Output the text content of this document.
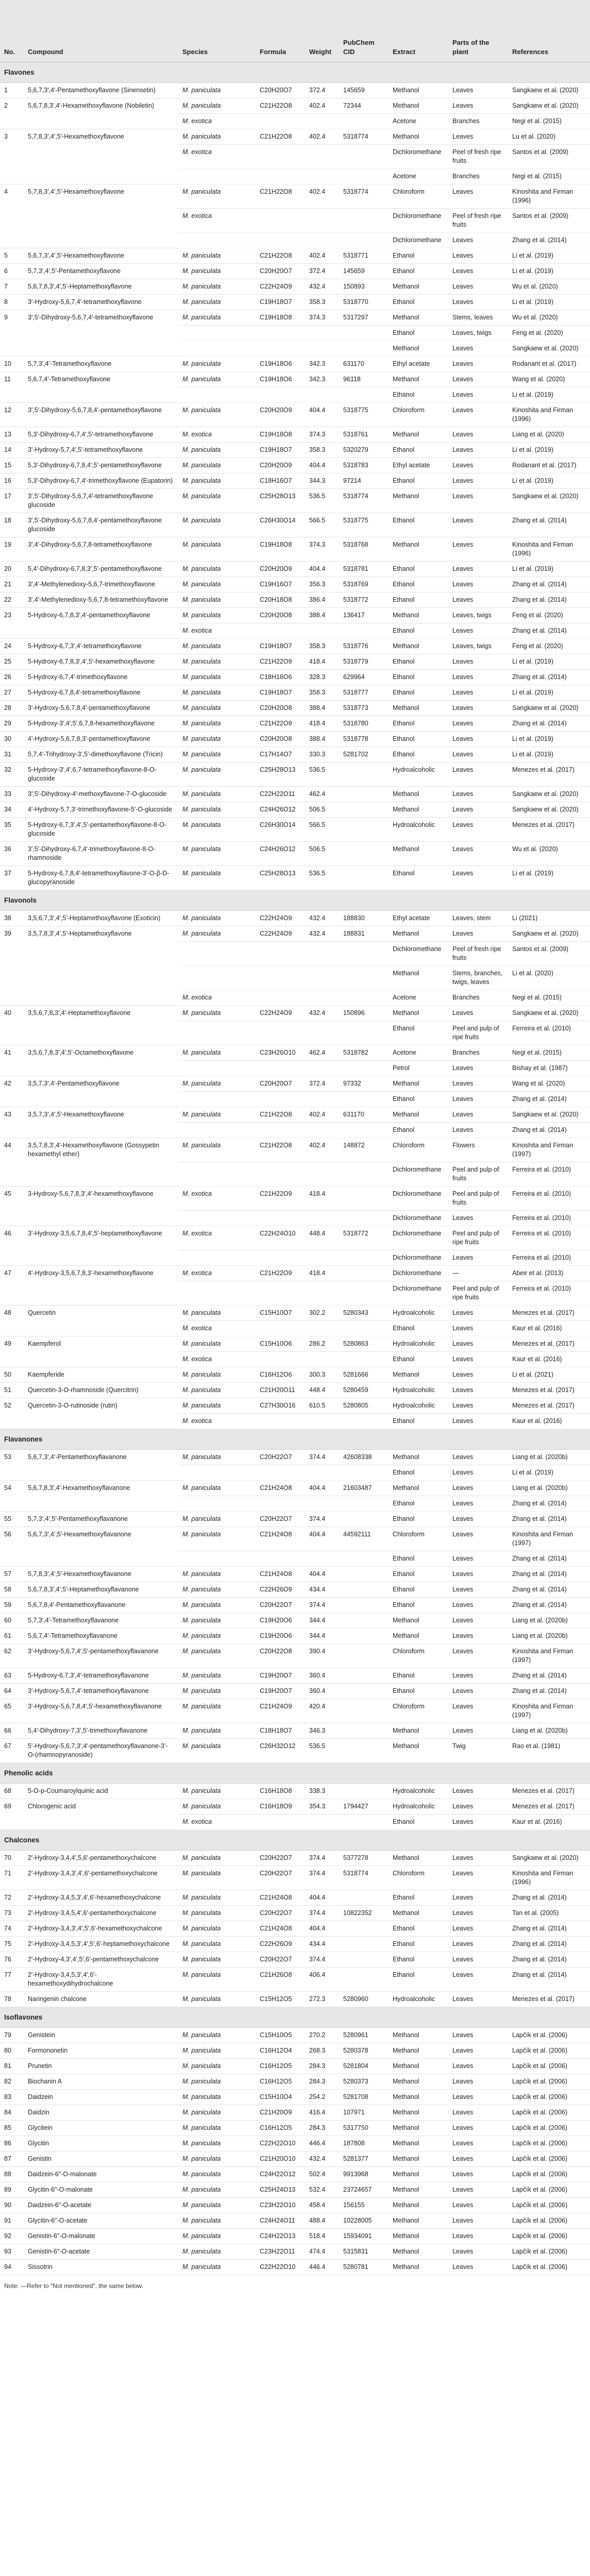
No.	Compound	Species	Formula	Weight	PubChem CID	Extract	Parts of the plant	References
Flavones								
1	5,6,7,3′,4′-Pentamethoxyflavone (Sinensetin)	M. paniculata	C20H20O7	372.4	145659	Methanol	Leaves	Sangkaew et al. (2020)
2	5,6,7,8,3′,4′-Hexamethoxyflavone (Nobiletin)	M. paniculata	C21H22O8	402.4	72344	Methanol	Leaves	Sangkaew et al. (2020)
		M. exotica				Acetone	Branches	Negi et al. (2015)
3	5,7,8,3′,4′,5′-Hexamethoxyflavone	M. paniculata	C21H22O8	402.4	5318774	Methanol	Leaves	Lu et al. (2020)
		M. exotica				Dichloromethane	Peel of fresh ripe fruits	Santos et al. (2009)
						Acetone	Branches	Negi et al. (2015)
4	5,7,8,3′,4′,5′-Hexamethoxyflavone	M. paniculata	C21H22O8	402.4	5318774	Chloroform	Leaves	Kinoshita and Firman (1996)
		M. exotica				Dichloromethane	Peel of fresh ripe fruits	Santos et al. (2009)
						Dichloromethane	Leaves	Zhang et al. (2014)
5	5,6,7,3′,4′,5′-Hexamethoxyflavone	M. paniculata	C21H22O8	402.4	5318771	Ethanol	Leaves	Li et al. (2019)
6	5,7,3′,4′,5′-Pentamethoxyflavone	M. paniculata	C20H20O7	372.4	145659	Ethanol	Leaves	Li et al. (2019)
7	5,6,7,8,3′,4′,5′-Heptamethoxyflavone	M. paniculata	C22H24O9	432.4	150893	Methanol	Leaves	Wu et al. (2020)
8	3′-Hydroxy-5,6,7,4′-tetramethoxyflavone	M. paniculata	C19H18O7	358.3	5318770	Ethanol	Leaves	Li et al. (2019)
9	3′,5′-Dihydroxy-5,6,7,4′-tetramethoxyflavone	M. paniculata	C19H18O8	374.3	5317297	Methanol	Stems, leaves	Wu et al. (2020)
						Ethanol	Leaves, twigs	Feng et al. (2020)
						Methanol	Leaves	Sangkaew et al. (2020)
10	5,7,3′,4′-Tetramethoxyflavone	M. paniculata	C19H18O6	342.3	631170	Ethyl acetate	Leaves	Rodanant et al. (2017)
11	5,6,7,4′-Tetramethoxyflavone	M. paniculata	C19H18O6	342.3	96118	Methanol	Leaves	Wang et al. (2020)
						Ethanol	Leaves	Li et al. (2019)
12	3′,5′-Dihydroxy-5,6,7,8,4′-pentamethoxyflavone	M. paniculata	C20H20O9	404.4	5318775	Chloroform	Leaves	Kinoshita and Firman (1996)
13	5,3′-Dihydroxy-6,7,4′,5′-tetramethoxyflavone	M. exotica	C19H18O8	374.3	5318761	Methanol	Leaves	Liang et al. (2020)
14	3′-Hydroxy-5,7,4′,5′-tetramethoxyflavone	M. paniculata	C19H18O7	358.3	5320279	Ethanol	Leaves	Li et al. (2019)
15	5,3′-Dihydroxy-6,7,8,4′,5′-pentamethoxyflavone	M. paniculata	C20H20O9	404.4	5318783	Ethyl acetate	Leaves	Rodanant et al. (2017)
16	5,3′-Dihydroxy-6,7,4′-trimethoxyflavone (Eupatorin)	M. paniculata	C18H16O7	344.3	97214	Ethanol	Leaves	Li et al. (2019)
17	3′,5′-Dihydroxy-5,6,7,4′-tetramethoxyflavone glucoside	M. paniculata	C25H28O13	536.5	5318774	Methanol	Leaves	Sangkaew et al. (2020)
18	3′,5′-Dihydroxy-5,6,7,8,4′-pentamethoxyflavone glucoside	M. paniculata	C26H30O14	566.5	5318775	Ethanol	Leaves	Zhang et al. (2014)
19	3′,4′-Dihydroxy-5,6,7,8-tetramethoxyflavone	M. paniculata	C19H18O8	374.3	5318768	Methanol	Leaves	Kinoshita and Firman (1996)
20	5,4′-Dihydroxy-6,7,8,3′,5′-pentamethoxyflavone	M. paniculata	C20H20O9	404.4	5318781	Ethanol	Leaves	Li et al. (2019)
21	3′,4′-Methylenedioxy-5,6,7-trimethoxyflavone	M. paniculata	C19H16O7	356.3	5318769	Ethanol	Leaves	Zhang et al. (2014)
22	3′,4′-Methylenedioxy-5,6,7,8-tetramethoxyflavone	M. paniculata	C20H18O8	386.4	5318772	Ethanol	Leaves	Zhang et al. (2014)
23	5-Hydroxy-6,7,8,3′,4′-pentamethoxyflavone	M. paniculata	C20H20O8	388.4	136417	Methanol	Leaves, twigs	Feng et al. (2020)
		M. exotica				Ethanol	Leaves	Zhang et al. (2014)
24	5-Hydroxy-6,7,3′,4′-tetramethoxyflavone	M. paniculata	C19H18O7	358.3	5318776	Methanol	Leaves, twigs	Feng et al. (2020)
25	5-Hydroxy-6,7,8,3′,4′,5′-hexamethoxyflavone	M. paniculata	C21H22O9	418.4	5318779	Ethanol	Leaves	Li et al. (2019)
26	5-Hydroxy-6,7,4′-trimethoxyflavone	M. paniculata	C18H16O6	328.3	629964	Ethanol	Leaves	Zhang et al. (2014)
27	5-Hydroxy-6,7,8,4′-tetramethoxyflavone	M. paniculata	C19H18O7	358.3	5318777	Ethanol	Leaves	Li et al. (2019)
28	3′-Hydroxy-5,6,7,8,4′-pentamethoxyflavone	M. paniculata	C20H20O8	388.4	5318773	Methanol	Leaves	Sangkaew et al. (2020)
29	5-Hydroxy-3′,4′,5′,6,7,8-hexamethoxyflavone	M. paniculata	C21H22O9	418.4	5318780	Ethanol	Leaves	Zhang et al. (2014)
30	4′-Hydroxy-5,6,7,8,3′-pentamethoxyflavone	M. paniculata	C20H20O8	388.4	5318778	Ethanol	Leaves	Li et al. (2019)
31	5,7,4′-Trihydroxy-3′,5′-dimethoxyflavone (Tricin)	M. paniculata	C17H14O7	330.3	5281702	Ethanol	Leaves	Li et al. (2019)
32	5-Hydroxy-3′,4′,6,7-tetramethoxyflavone-8-O-glucoside	M. paniculata	C25H28O13	536.5		Hydroalcoholic	Leaves	Menezes et al. (2017)
33	3′,5′-Dihydroxy-4′-methoxyflavone-7-O-glucoside	M. paniculata	C22H22O11	462.4		Methanol	Leaves	Sangkaew et al. (2020)
34	4′-Hydroxy-5,7,3′-trimethoxyflavone-5′-O-glucoside	M. paniculata	C24H26O12	506.5		Methanol	Leaves	Sangkaew et al. (2020)
35	5-Hydroxy-6,7,3′,4′,5′-pentamethoxyflavone-8-O-glucoside	M. paniculata	C26H30O14	566.5		Hydroalcoholic	Leaves	Menezes et al. (2017)
36	3′,5′-Dihydroxy-6,7,4′-trimethoxyflavone-8-O-rhamnoside	M. paniculata	C24H26O12	506.5		Methanol	Leaves	Wu et al. (2020)
37	5-Hydroxy-6,7,8,4′-tetramethoxyflavone-3′-O-β-D-glucopyranoside	M. paniculata	C25H28O13	536.5		Ethanol	Leaves	Li et al. (2019)
Flavonols								
38	3,5,6,7,3′,4′,5′-Heptamethoxyflavone (Exoticin)	M. paniculata	C22H24O9	432.4	188830	Ethyl acetate	Leaves, stem	Li (2021)
39	3,5,7,8,3′,4′,5′-Heptamethoxyflavone	M. paniculata	C22H24O9	432.4	188831	Methanol	Leaves	Sangkaew et al. (2020)
						Dichloromethane	Peel of fresh ripe fruits	Santos et al. (2009)
						Methanol	Stems, branches, twigs, leaves	Li et al. (2020)
		M. exotica				Acetone	Branches	Negi et al. (2015)
40	3,5,6,7,8,3′,4′-Heptamethoxyflavone	M. paniculata	C22H24O9	432.4	150896	Methanol	Leaves	Sangkaew et al. (2020)
						Ethanol	Peel and pulp of ripe fruits	Ferreira et al. (2010)
41	3,5,6,7,8,3′,4′,5′-Octamethoxyflavone	M. paniculata	C23H26O10	462.4	5318782	Acetone	Branches	Negi et al. (2015)
						Petrol	Leaves	Bishay et al. (1987)
42	3,5,7,3′,4′-Pentamethoxyflavone	M. paniculata	C20H20O7	372.4	97332	Methanol	Leaves	Wang et al. (2020)
						Ethanol	Leaves	Zhang et al. (2014)
43	3,5,7,3′,4′,5′-Hexamethoxyflavone	M. paniculata	C21H22O8	402.4	631170	Methanol	Leaves	Sangkaew et al. (2020)
						Ethanol	Leaves	Zhang et al. (2014)
44	3,5,7,8,3′,4′-Hexamethoxyflavone (Gossypetin hexamethyl ether)	M. paniculata	C21H22O8	402.4	148872	Chloroform	Flowers	Kinoshita and Firman (1997)
						Dichloromethane	Peel and pulp of fruits	Ferreira et al. (2010)
45	3-Hydroxy-5,6,7,8,3′,4′-hexamethoxyflavone	M. exotica	C21H22O9	418.4		Dichloromethane	Peel and pulp of fruits	Ferreira et al. (2010)
						Dichloromethane	Leaves	Ferreira et al. (2010)
46	3′-Hydroxy-3,5,6,7,8,4′,5′-heptamethoxyflavone	M. exotica	C22H24O10	448.4	5318772	Dichloromethane	Peel and pulp of ripe fruits	Ferreira et al. (2010)
						Dichloromethane	Leaves	Ferreira et al. (2010)
47	4′-Hydroxy-3,5,6,7,8,3′-hexamethoxyflavone	M. exotica	C21H22O9	418.4		Dichloromethane	—	Abeir et al. (2013)
						Dichloromethane	Peel and pulp of ripe fruits	Ferreira et al. (2010)
48	Quercetin	M. paniculata	C15H10O7	302.2	5280343	Hydroalcoholic	Leaves	Menezes et al. (2017)
		M. exotica				Ethanol	Leaves	Kaur et al. (2016)
49	Kaempferol	M. paniculata	C15H10O6	286.2	5280863	Hydroalcoholic	Leaves	Menezes et al. (2017)
		M. exotica				Ethanol	Leaves	Kaur et al. (2016)
50	Kaempferide	M. paniculata	C16H12O6	300.3	5281666	Methanol	Leaves	Li et al. (2021)
51	Quercetin-3-O-rhamnoside (Quercitrin)	M. paniculata	C21H20O11	448.4	5280459	Hydroalcoholic	Leaves	Menezes et al. (2017)
52	Quercetin-3-O-rutinoside (rutin)	M. paniculata	C27H30O16	610.5	5280805	Hydroalcoholic	Leaves	Menezes et al. (2017)
		M. exotica				Ethanol	Leaves	Kaur et al. (2016)
Flavanones								
53	5,6,7,3′,4′-Pentamethoxyflavanone	M. paniculata	C20H22O7	374.4	42608338	Methanol	Leaves	Liang et al. (2020b)
						Ethanol	Leaves	Li et al. (2019)
54	5,6,7,8,3′,4′-Hexamethoxyflavanone	M. paniculata	C21H24O8	404.4	21603487	Methanol	Leaves	Liang et al. (2020b)
						Ethanol	Leaves	Zhang et al. (2014)
55	5,7,3′,4′,5′-Pentamethoxyflavanone	M. paniculata	C20H22O7	374.4		Ethanol	Leaves	Zhang et al. (2014)
56	5,6,7,3′,4′,5′-Hexamethoxyflavanone	M. paniculata	C21H24O8	404.4	44592111	Chloroform	Leaves	Kinoshita and Firman (1997)
						Ethanol	Leaves	Zhang et al. (2014)
57	5,7,8,3′,4′,5′-Hexamethoxyflavanone	M. paniculata	C21H24O8	404.4		Ethanol	Leaves	Zhang et al. (2014)
58	5,6,7,8,3′,4′,5′-Heptamethoxyflavanone	M. paniculata	C22H26O9	434.4		Ethanol	Leaves	Zhang et al. (2014)
59	5,6,7,8,4′-Pentamethoxyflavanone	M. paniculata	C20H22O7	374.4		Ethanol	Leaves	Zhang et al. (2014)
60	5,7,3′,4′-Tetramethoxyflavanone	M. paniculata	C19H20O6	344.4		Methanol	Leaves	Liang et al. (2020b)
61	5,6,7,4′-Tetramethoxyflavanone	M. paniculata	C19H20O6	344.4		Methanol	Leaves	Liang et al. (2020b)
62	3′-Hydroxy-5,6,7,4′,5′-pentamethoxyflavanone	M. paniculata	C20H22O8	390.4		Chloroform	Leaves	Kinoshita and Firman (1997)
63	5-Hydroxy-6,7,3′,4′-tetramethoxyflavanone	M. paniculata	C19H20O7	360.4		Ethanol	Leaves	Zhang et al. (2014)
64	3′-Hydroxy-5,6,7,4′-tetramethoxyflavanone	M. paniculata	C19H20O7	360.4		Ethanol	Leaves	Zhang et al. (2014)
65	3′-Hydroxy-5,6,7,8,4′,5′-hexamethoxyflavanone	M. paniculata	C21H24O9	420.4		Chloroform	Leaves	Kinoshita and Firman (1997)
66	5,4′-Dihydroxy-7,3′,5′-trimethoxyflavanone	M. paniculata	C18H18O7	346.3		Methanol	Leaves	Liang et al. (2020b)
67	5′-Hydroxy-5,6,7,3′,4′-pentamethoxyflavanone-3′-O-(rhamnopyranoside)	M. paniculata	C26H32O12	536.5		Methanol	Twig	Rao et al. (1981)
Phenolic acids								
68	5-O-p-Coumaroylquinic acid	M. paniculata	C16H18O8	338.3		Hydroalcoholic	Leaves	Menezes et al. (2017)
69	Chlorogenic acid	M. paniculata	C16H18O9	354.3	1794427	Hydroalcoholic	Leaves	Menezes et al. (2017)
		M. exotica				Ethanol	Leaves	Kaur et al. (2016)
Chalcones								
70	2′-Hydroxy-3,4,4′,5,6′-pentamethoxychalcone	M. paniculata	C20H22O7	374.4	5377278	Methanol	Leaves	Sangkaew et al. (2020)
71	2′-Hydroxy-3,4,3′,4′,6′-pentamethoxychalcone	M. paniculata	C20H22O7	374.4	5318774	Chloroform	Leaves	Kinoshita and Firman (1996)
72	2′-Hydroxy-3,4,5,3′,4′,6′-hexamethoxychalcone	M. paniculata	C21H24O8	404.4		Ethanol	Leaves	Zhang et al. (2014)
73	2′-Hydroxy-3,4,5,4′,6′-pentamethoxychalcone	M. paniculata	C20H22O7	374.4	10822352	Methanol	Leaves	Tan et al. (2005)
74	2′-Hydroxy-3,4,3′,4′,5′,6′-hexamethoxychalcone	M. paniculata	C21H24O8	404.4		Ethanol	Leaves	Zhang et al. (2014)
75	2′-Hydroxy-3,4,5,3′,4′,5′,6′-heptamethoxychalcone	M. paniculata	C22H26O9	434.4		Ethanol	Leaves	Zhang et al. (2014)
76	2′-Hydroxy-4,3′,4′,5′,6′-pentamethoxychalcone	M. paniculata	C20H22O7	374.4		Ethanol	Leaves	Zhang et al. (2014)
77	2′-Hydroxy-3,4,5,3′,4′,6′-hexamethoxydihydrochalcone	M. paniculata	C21H26O8	406.4		Ethanol	Leaves	Zhang et al. (2014)
78	Naringenin chalcone	M. paniculata	C15H12O5	272.3	5280960	Hydroalcoholic	Leaves	Menezes et al. (2017)
Isoflavones								
79	Genistein	M. paniculata	C15H10O5	270.2	5280961	Methanol	Leaves	Lapčík et al. (2006)
80	Formononetin	M. paniculata	C16H12O4	268.3	5280378	Methanol	Leaves	Lapčík et al. (2006)
81	Prunetin	M. paniculata	C16H12O5	284.3	5281804	Methanol	Leaves	Lapčík et al. (2006)
82	Biochanin A	M. paniculata	C16H12O5	284.3	5280373	Methanol	Leaves	Lapčík et al. (2006)
83	Daidzein	M. paniculata	C15H10O4	254.2	5281708	Methanol	Leaves	Lapčík et al. (2006)
84	Daidzin	M. paniculata	C21H20O9	416.4	107971	Methanol	Leaves	Lapčík et al. (2006)
85	Glycitein	M. paniculata	C16H12O5	284.3	5317750	Methanol	Leaves	Lapčík et al. (2006)
86	Glycitin	M. paniculata	C22H22O10	446.4	187808	Methanol	Leaves	Lapčík et al. (2006)
87	Genistin	M. paniculata	C21H20O10	432.4	5281377	Methanol	Leaves	Lapčík et al. (2006)
88	Daidzein-6″-O-malonate	M. paniculata	C24H22O12	502.4	9913968	Methanol	Leaves	Lapčík et al. (2006)
89	Glycitin-6″-O-malonate	M. paniculata	C25H24O13	532.4	23724657	Methanol	Leaves	Lapčík et al. (2006)
90	Daidzein-6″-O-acetate	M. paniculata	C23H22O10	458.4	156155	Methanol	Leaves	Lapčík et al. (2006)
91	Glycitin-6″-O-acetate	M. paniculata	C24H24O11	488.4	10228005	Methanol	Leaves	Lapčík et al. (2006)
92	Genistin-6″-O-malonate	M. paniculata	C24H22O13	518.4	15934091	Methanol	Leaves	Lapčík et al. (2006)
93	Genistin-6″-O-acetate	M. paniculata	C23H22O11	474.4	5315831	Methanol	Leaves	Lapčík et al. (2006)
94	Sissotrin	M. paniculata	C22H22O10	446.4	5280781	Methanol	Leaves	Lapčík et al. (2006)
Note: —Refer to "Not mentioned", the same below.
